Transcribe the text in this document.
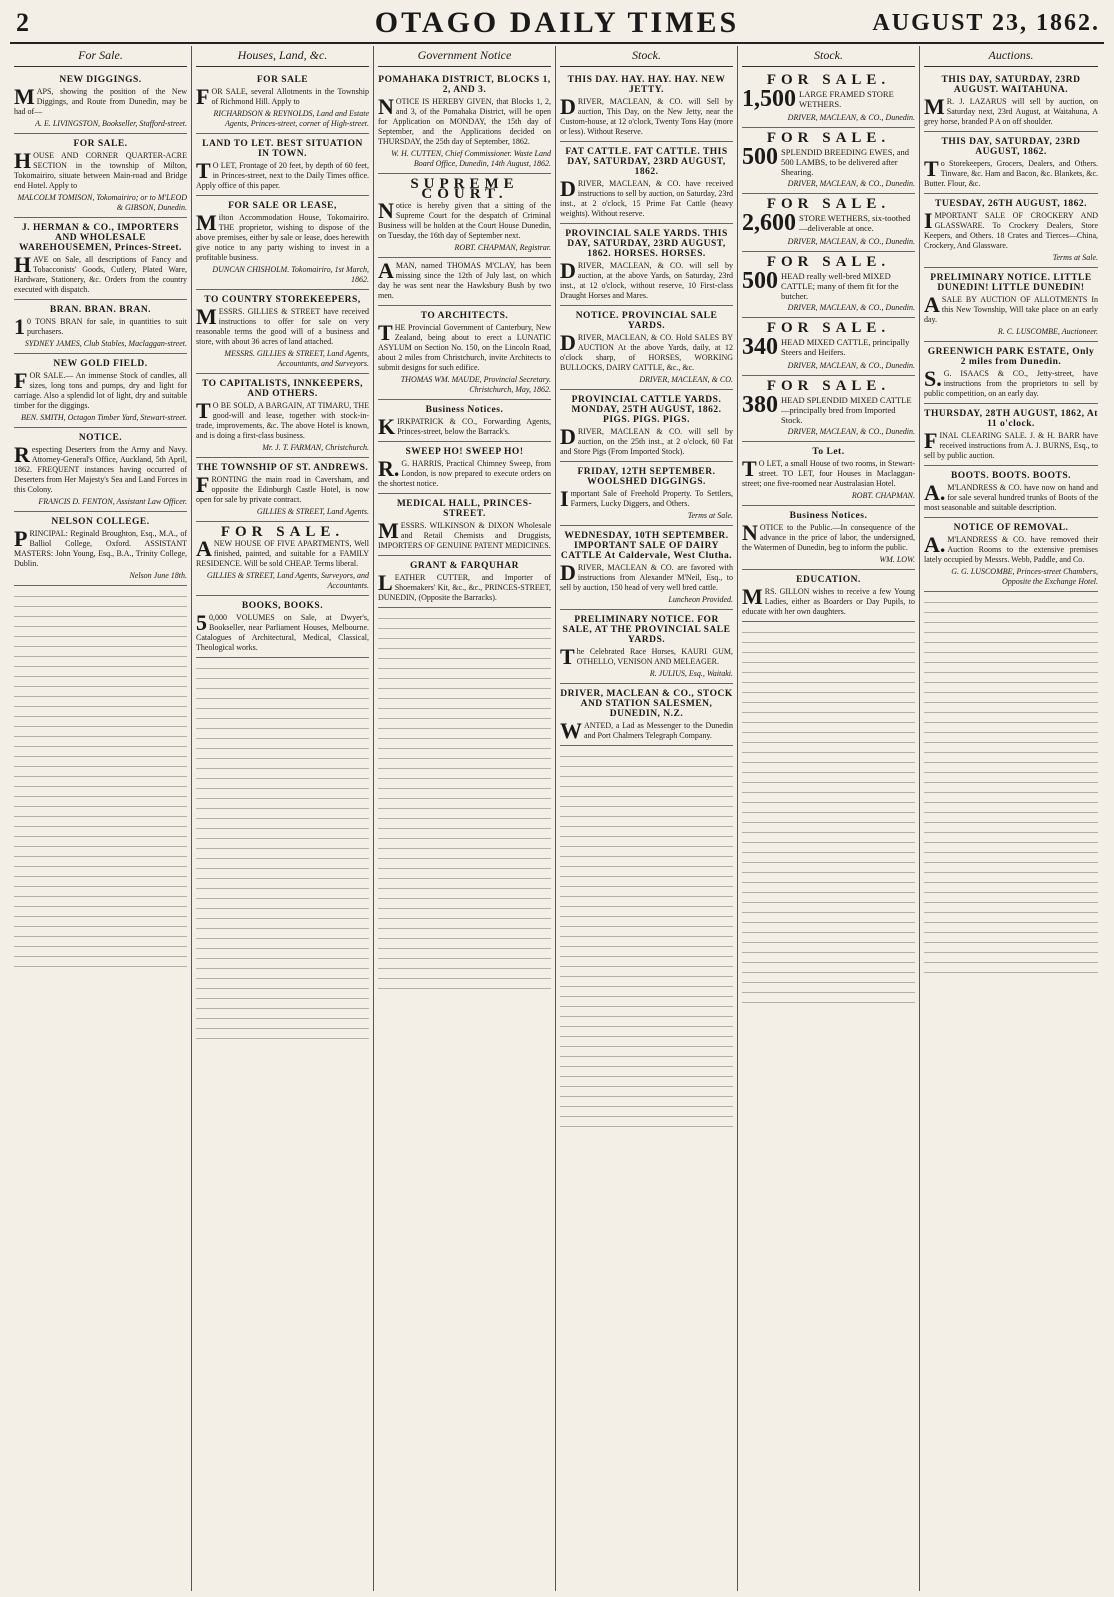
2	OTAGO DAILY TIMES	AUGUST 23, 1862.
For Sale.
NEW DIGGINGS.
MAPS, showing the position of the New Diggings, and Route from Dunedin, may be had of—
A. E. LIVINGSTON, Bookseller, Stafford-street.
FOR SALE.
HOUSE AND CORNER QUARTER-ACRE SECTION in the township of Milton, Tokomairiro, situate between Main-road and Bridge end Hotel. Apply to
MALCOLM TOMISON, Tokomairiro; or to M'LEOD & GIBSON, Dunedin.
J. HERMAN & CO., IMPORTERS AND WHOLESALE WAREHOUSEMEN, Princes-Street.
HAVE on Sale, all descriptions of Fancy and Tobacconists' Goods, Cutlery, Plated Ware, Hardware, Stationery, &c. Orders from the country executed with dispatch.
BRAN. BRAN. BRAN.
10 TONS BRAN for sale, in quantities to suit purchasers.
SYDNEY JAMES, Club Stables, Maclaggan-street.
NEW GOLD FIELD.
FOR SALE.— An immense Stock of candles, all sizes, long tons and pumps, dry and light for carriage. Also a splendid lot of light, dry and suitable timber for the diggings.
BEN. SMITH, Octagon Timber Yard, Stewart-street.
NOTICE.
Respecting Deserters from the Army and Navy. Attorney-General's Office, Auckland, 5th April, 1862. FREQUENT instances having occurred of Deserters from Her Majesty's Sea and Land Forces in this Colony.
FRANCIS D. FENTON, Assistant Law Officer.
NELSON COLLEGE.
PRINCIPAL: Reginald Broughton, Esq., M.A., of Balliol College, Oxford. ASSISTANT MASTERS: John Young, Esq., B.A., Trinity College, Dublin.
Nelson June 18th.
Houses, Land, &c.
FOR SALE
FOR SALE, several Allotments in the Township of Richmond Hill. Apply to
RICHARDSON & REYNOLDS, Land and Estate Agents, Princes-street, corner of High-street.
LAND TO LET. BEST SITUATION IN TOWN.
TO LET, Frontage of 20 feet, by depth of 60 feet, in Princes-street, next to the Daily Times office. Apply office of this paper.
FOR SALE OR LEASE,
Milton Accommodation House, Tokomairiro. THE proprietor, wishing to dispose of the above premises, either by sale or lease, does herewith give notice to any party wishing to invest in a profitable business.
DUNCAN CHISHOLM. Tokomairiro, 1st March, 1862.
TO COUNTRY STOREKEEPERS,
MESSRS. GILLIES & STREET have received instructions to offer for sale on very reasonable terms the good will of a business and store, with about 36 acres of land attached.
MESSRS. GILLIES & STREET, Land Agents, Accountants, and Surveyors.
TO CAPITALISTS, INNKEEPERS, AND OTHERS.
TO BE SOLD, A BARGAIN, AT TIMARU, THE good-will and lease, together with stock-in-trade, improvements, &c. The above Hotel is known, and is doing a first-class business.
Mr. J. T. FARMAN, Christchurch.
THE TOWNSHIP OF ST. ANDREWS.
FRONTING the main road in Caversham, and opposite the Edinburgh Castle Hotel, is now open for sale by private contract.
GILLIES & STREET, Land Agents.
FOR SALE.
ANEW HOUSE OF FIVE APARTMENTS, Well finished, painted, and suitable for a FAMILY RESIDENCE. Will be sold CHEAP. Terms liberal.
GILLIES & STREET, Land Agents, Surveyors, and Accountants.
BOOKS, BOOKS.
50,000 VOLUMES on Sale, at Dwyer's, Bookseller, near Parliament Houses, Melbourne. Catalogues of Architectural, Medical, Classical, Theological works.
Government Notice
POMAHAKA DISTRICT, BLOCKS 1, 2, AND 3.
NOTICE IS HEREBY GIVEN, that Blocks 1, 2, and 3, of the Pomahaka District, will be open for Application on MONDAY, the 15th day of September, and the Applications decided on THURSDAY, the 25th day of September, 1862.
W. H. CUTTEN, Chief Commissioner. Waste Land Board Office, Dunedin, 14th August, 1862.
SUPREME COURT.
Notice is hereby given that a sitting of the Supreme Court for the despatch of Criminal Business will be holden at the Court House Dunedin, on Tuesday, the 16th day of September next.
ROBT. CHAPMAN, Registrar.
AMAN, named THOMAS M'CLAY, has been missing since the 12th of July last, on which day he was sent near the Hawksbury Bush by two men.
TO ARCHITECTS.
THE Provincial Government of Canterbury, New Zealand, being about to erect a LUNATIC ASYLUM on Section No. 150, on the Lincoln Road, about 2 miles from Christchurch, invite Architects to submit designs for such edifice.
THOMAS WM. MAUDE, Provincial Secretary. Christchurch, May, 1862.
Business Notices.
KIRKPATRICK & CO., Forwarding Agents, Princes-street, below the Barrack's.
SWEEP HO! SWEEP HO!
R.G. HARRIS, Practical Chimney Sweep, from London, is now prepared to execute orders on the shortest notice.
MEDICAL HALL, PRINCES-STREET.
MESSRS. WILKINSON & DIXON Wholesale and Retail Chemists and Druggists, IMPORTERS OF GENUINE PATENT MEDICINES.
GRANT & FARQUHAR
LEATHER CUTTER, and Importer of Shoemakers' Kit, &c., &c., PRINCES-STREET, DUNEDIN, (Opposite the Barracks).
Stock.
THIS DAY. HAY. HAY. HAY. NEW JETTY.
DRIVER, MACLEAN, & CO. will Sell by auction, This Day, on the New Jetty, near the Custom-house, at 12 o'clock, Twenty Tons Hay (more or less). Without Reserve.
FAT CATTLE. FAT CATTLE. THIS DAY, SATURDAY, 23RD AUGUST, 1862.
DRIVER, MACLEAN, & CO. have received instructions to sell by auction, on Saturday, 23rd inst., at 2 o'clock, 15 Prime Fat Cattle (heavy weights). Without reserve.
PROVINCIAL SALE YARDS. THIS DAY, SATURDAY, 23RD AUGUST, 1862. HORSES. HORSES.
DRIVER, MACLEAN, & CO. will sell by auction, at the above Yards, on Saturday, 23rd inst., at 12 o'clock, without reserve, 10 First-class Draught Horses and Mares.
NOTICE. PROVINCIAL SALE YARDS.
DRIVER, MACLEAN, & CO. Hold SALES BY AUCTION At the above Yards, daily, at 12 o'clock sharp, of HORSES, WORKING BULLOCKS, DAIRY CATTLE, &c., &c.
DRIVER, MACLEAN, & CO.
PROVINCIAL CATTLE YARDS. MONDAY, 25TH AUGUST, 1862. PIGS. PIGS. PIGS.
DRIVER, MACLEAN & CO. will sell by auction, on the 25th inst., at 2 o'clock, 60 Fat and Store Pigs (From Imported Stock).
FRIDAY, 12TH SEPTEMBER. WOOLSHED DIGGINGS.
Important Sale of Freehold Property. To Settlers, Farmers, Lucky Diggers, and Others.
Terms at Sale.
WEDNESDAY, 10TH SEPTEMBER. IMPORTANT SALE OF DAIRY CATTLE At Caldervale, West Clutha.
DRIVER, MACLEAN & CO. are favored with instructions from Alexander M'Neil, Esq., to sell by auction, 150 head of very well bred cattle.
Luncheon Provided.
PRELIMINARY NOTICE. FOR SALE, AT THE PROVINCIAL SALE YARDS.
The Celebrated Race Horses, KAURI GUM, OTHELLO, VENISON AND MELEAGER.
R. JULIUS, Esq., Waitaki.
DRIVER, MACLEAN & CO., STOCK AND STATION SALESMEN, DUNEDIN, N.Z.
WANTED, a Lad as Messenger to the Dunedin and Port Chalmers Telegraph Company.
Stock.
FOR SALE.
1,500 LARGE FRAMED STORE WETHERS.
DRIVER, MACLEAN, & CO., Dunedin.
FOR SALE.
500 SPLENDID BREEDING EWES, and 500 LAMBS, to be delivered after Shearing.
DRIVER, MACLEAN, & CO., Dunedin.
FOR SALE.
2,600 STORE WETHERS, six-toothed—deliverable at once.
DRIVER, MACLEAN, & CO., Dunedin.
FOR SALE.
500 HEAD really well-bred MIXED CATTLE; many of them fit for the butcher.
DRIVER, MACLEAN, & CO., Dunedin.
FOR SALE.
340 HEAD MIXED CATTLE, principally Steers and Heifers.
DRIVER, MACLEAN, & CO., Dunedin.
FOR SALE.
380 HEAD SPLENDID MIXED CATTLE—principally bred from Imported Stock.
DRIVER, MACLEAN, & CO., Dunedin.
To Let.
TO LET, a small House of two rooms, in Stewart-street. TO LET, four Houses in Maclaggan-street; one five-roomed near Australasian Hotel.
ROBT. CHAPMAN.
Business Notices.
NOTICE to the Public.—In consequence of the advance in the price of labor, the undersigned, the Watermen of Dunedin, beg to inform the public.
WM. LOW.
EDUCATION.
MRS. GILLON wishes to receive a few Young Ladies, either as Boarders or Day Pupils, to educate with her own daughters.
Auctions.
THIS DAY, SATURDAY, 23RD AUGUST. WAITAHUNA.
MR. J. LAZARUS will sell by auction, on Saturday next, 23rd August, at Waitahuna, A grey horse, branded P A on off shoulder.
THIS DAY, SATURDAY, 23RD AUGUST, 1862.
To Storekeepers, Grocers, Dealers, and Others. Tinware, &c. Ham and Bacon, &c. Blankets, &c. Butter. Flour, &c.
TUESDAY, 26TH AUGUST, 1862.
IMPORTANT SALE OF CROCKERY AND GLASSWARE. To Crockery Dealers, Store Keepers, and Others. 18 Crates and Tierces—China, Crockery, And Glassware.
Terms at Sale.
PRELIMINARY NOTICE. LITTLE DUNEDIN! LITTLE DUNEDIN!
ASALE BY AUCTION OF ALLOTMENTS In this New Township, Will take place on an early day.
R. C. LUSCOMBE, Auctioneer.
GREENWICH PARK ESTATE, Only 2 miles from Dunedin.
S.G. ISAACS & CO., Jetty-street, have instructions from the proprietors to sell by public competition, on an early day.
THURSDAY, 28TH AUGUST, 1862, At 11 o'clock.
FINAL CLEARING SALE. J. & H. BARR have received instructions from A. J. BURNS, Esq., to sell by public auction.
BOOTS. BOOTS. BOOTS.
A.M'LANDRESS & CO. have now on hand and for sale several hundred trunks of Boots of the most seasonable and suitable description.
NOTICE OF REMOVAL.
A.M'LANDRESS & CO. have removed their Auction Rooms to the extensive premises lately occupied by Messrs. Webb, Paddle, and Co.
G. G. LUSCOMBE, Princes-street Chambers, Opposite the Exchange Hotel.
